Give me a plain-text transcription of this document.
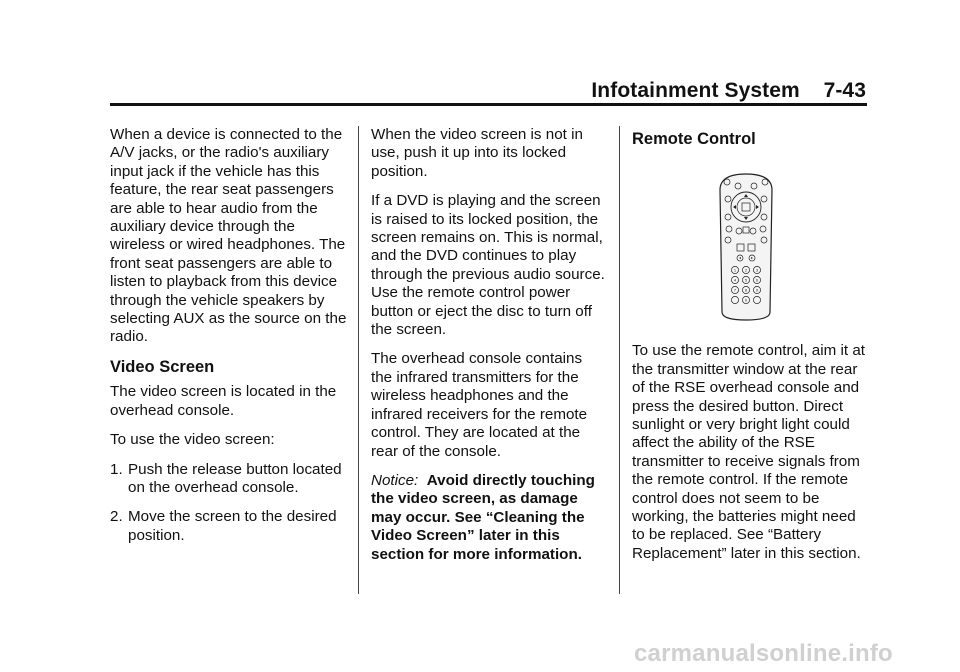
Infotainment System 7-43

When a device is connected to the A/V jacks, or the radio's auxiliary input jack if the vehicle has this feature, the rear seat passengers are able to hear audio from the auxiliary device through the wireless or wired headphones. The front seat passengers are able to listen to playback from this device through the vehicle speakers by selecting AUX as the source on the radio.

Video Screen

The video screen is located in the overhead console.

To use the video screen:

1. Push the release button located on the overhead console.
2. Move the screen to the desired position.

When the video screen is not in use, push it up into its locked position.

If a DVD is playing and the screen is raised to its locked position, the screen remains on. This is normal, and the DVD continues to play through the previous audio source. Use the remote control power button or eject the disc to turn off the screen.

The overhead console contains the infrared transmitters for the wireless headphones and the infrared receivers for the remote control. They are located at the rear of the console.

Notice: Avoid directly touching the video screen, as damage may occur. See “Cleaning the Video Screen” later in this section for more information.

Remote Control
1 2 3
4 5 6
7 8 9
0

To use the remote control, aim it at the transmitter window at the rear of the RSE overhead console and press the desired button. Direct sunlight or very bright light could affect the ability of the RSE transmitter to receive signals from the remote control. If the remote control does not seem to be working, the batteries might need to be replaced. See “Battery Replacement” later in this section.

carmanualsonline.info
